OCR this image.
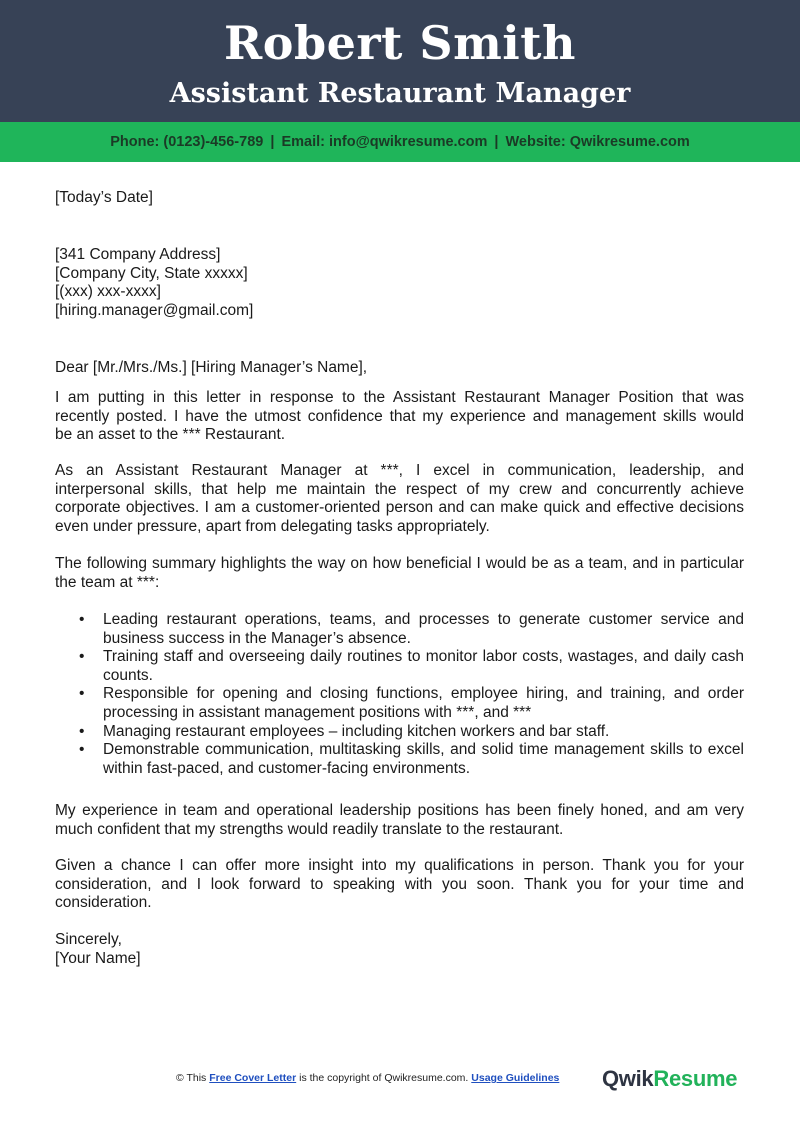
Robert Smith
Assistant Restaurant Manager
Phone: (0123)-456-789 | Email: info@qwikresume.com | Website: Qwikresume.com
[Today’s Date]
[341 Company Address]
[Company City, State xxxxx]
[(xxx) xxx-xxxx]
[hiring.manager@gmail.com]
Dear [Mr./Mrs./Ms.] [Hiring Manager’s Name],
I am putting in this letter in response to the Assistant Restaurant Manager Position that was
recently posted. I have the utmost confidence that my experience and management skills would
be an asset to the *** Restaurant.
As an Assistant Restaurant Manager at ***, I excel in communication, leadership, and
interpersonal skills, that help me maintain the respect of my crew and concurrently achieve
corporate objectives. I am a customer-oriented person and can make quick and effective decisions
even under pressure, apart from delegating tasks appropriately.
The following summary highlights the way on how beneficial I would be as a team, and in particular
the team at ***:
• Leading restaurant operations, teams, and processes to generate customer service and business success in the Manager’s absence.
• Training staff and overseeing daily routines to monitor labor costs, wastages, and daily cash counts.
• Responsible for opening and closing functions, employee hiring, and training, and order processing in assistant management positions with ***, and ***
• Managing restaurant employees – including kitchen workers and bar staff.
• Demonstrable communication, multitasking skills, and solid time management skills to excel within fast-paced, and customer-facing environments.
My experience in team and operational leadership positions has been finely honed, and am very
much confident that my strengths would readily translate to the restaurant.
Given a chance I can offer more insight into my qualifications in person. Thank you for your
consideration, and I look forward to speaking with you soon. Thank you for your time and
consideration.
Sincerely,
[Your Name]
© This Free Cover Letter is the copyright of Qwikresume.com. Usage Guidelines QwikResume
